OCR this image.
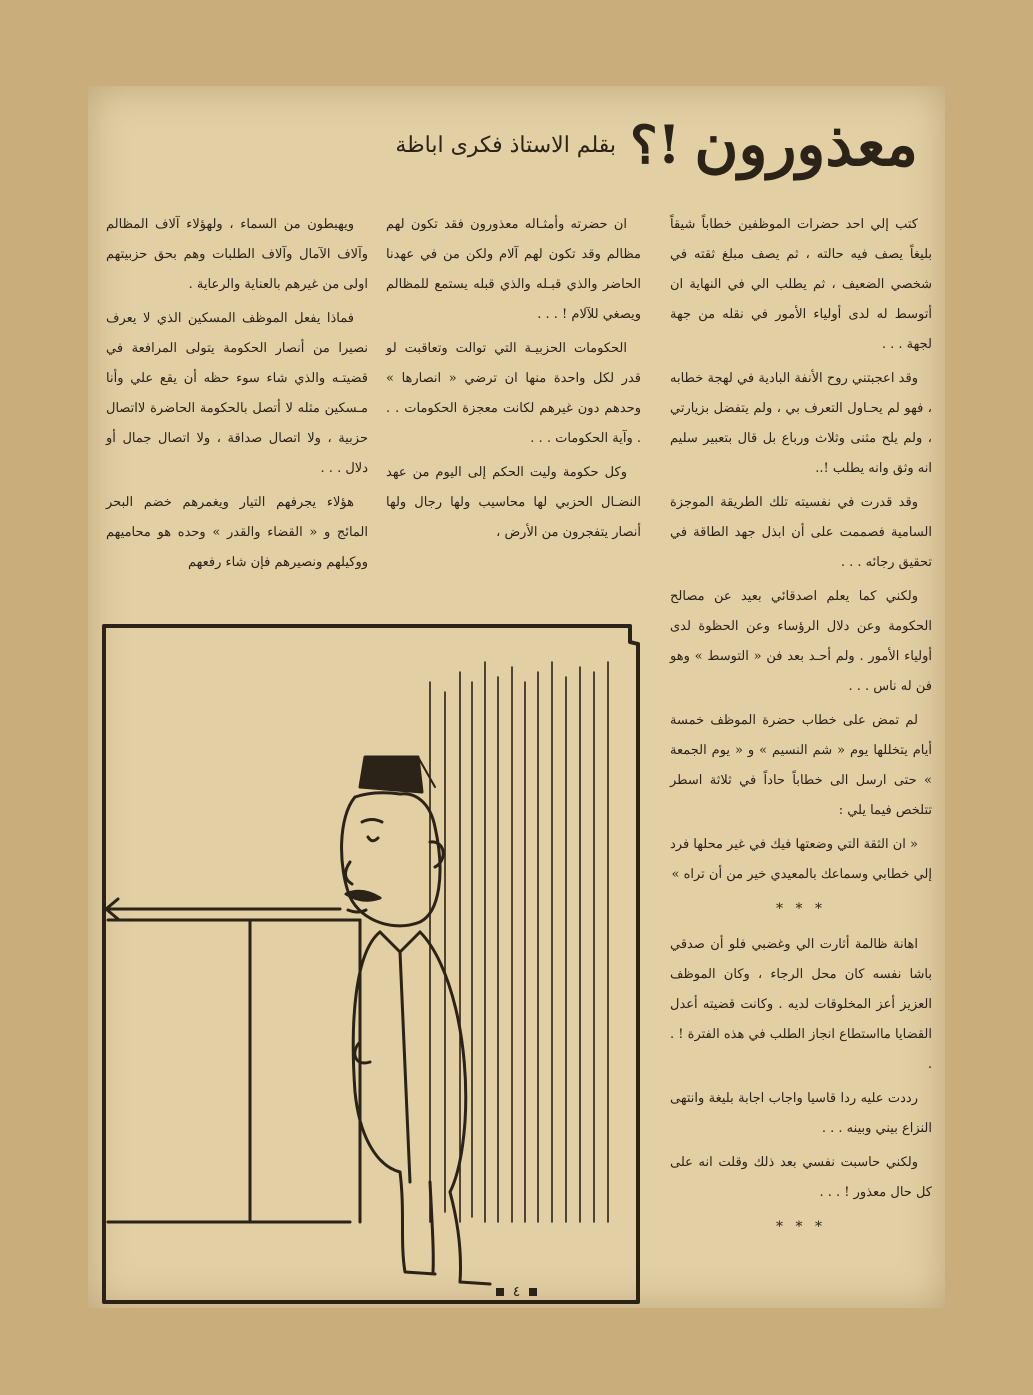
معذورون
!؟
بقلم الاستاذ فكرى اباظة

كتب إلي احد حضرات الموظفين خطاباً شيقاً بليغاً يصف فيه حالته ، ثم يصف مبلغ ثقته في شخصي الضعيف ، ثم يطلب الي في النهاية ان أتوسط له لدى أولياء الأمور في نقله من جهة لجهة . . .

وقد اعجبتني روح الأنفة البادية في لهجة خطابه ، فهو لم يحـاول التعرف بي ، ولم يتفضل بزيارتي ، ولم يلح مثنى وثلاث ورباع بل قال بتعبير سليم انه وثق وانه يطلب !..

وقد قدرت في نفسيته تلك الطريقة الموجزة السامية فصممت على أن ابذل جهد الطاقة في تحقيق رجائه . . .

ولكني كما يعلم اصدقائي بعيد عن مصالح الحكومة وعن دلال الرؤساء وعن الحظوة لدى أولياء الأمور . ولم أحـد بعد فن « التوسط » وهو فن له ناس . . .

لم تمض على خطاب حضرة الموظف خمسة أيام يتخللها يوم « شم النسيم » و « يوم الجمعة » حتى ارسل الى خطاباً حاداً في ثلاثة اسطر تتلخص فيما يلي :

« ان الثقة التي وضعتها فيك في غير محلها فرد إلي خطابي وسماعك بالمعيدي خير من أن تراه »

* * *

اهانة ظالمة أثارت الي وغضبي فلو أن صدقي باشا نفسه كان محل الرجاء ، وكان الموظف العزيز أعز المخلوقات لديه . وكانت قضيته أعدل القضايا مااستطاع انجاز الطلب في هذه الفترة ! . .

رددت عليه ردا قاسيا واجاب اجابة بليغة وانتهى النزاع بيني وبينه . . .

ولكني حاسبت نفسي بعد ذلك وقلت انه على كل حال معذور ! . . .

* * *

ان حضرته وأمثـاله معذورون فقد تكون لهم مظالم وقد تكون لهم آلام ولكن من في عهدنا الحاضر والذي قبـله والذي قبله يستمع للمظالم ويصغي للآلام ! . . .

الحكومات الحزبيـة التي توالت وتعاقبت لو قدر لكل واحدة منها ان ترضي « انصارها » وحدهم دون غيرهم لكانت معجزة الحكومات . . . وآية الحكومات . . .

وكل حكومة وليت الحكم إلى اليوم من عهد النضـال الحزبي لها محاسيب ولها رجال ولها أنصار يتفجرون من الأرض ،

ويهبطون من السماء ، ولهؤلاء آلاف المظالم وآلاف الآمال وآلاف الطلبات وهم بحق حزبيتهم اولى من غيرهم بالعناية والرعاية .

فماذا يفعل الموظف المسكين الذي لا يعرف نصيرا من أنصار الحكومة يتولى المرافعة في قضيتـه والذي شاء سوء حظه أن يقع علي وأنا مـسكين مثله لا أتصل بالحكومة الحاضرة لااتصال حزبية ، ولا اتصال صداقة ، ولا اتصال جمال أو دلال . . .

هؤلاء يجرفهم التيار ويغمرهم خضم البحر المائج و « القضاء والقدر » وحده هو محاميهم ووكيلهم ونصيرهم فإن شاء رفعهم

٤
